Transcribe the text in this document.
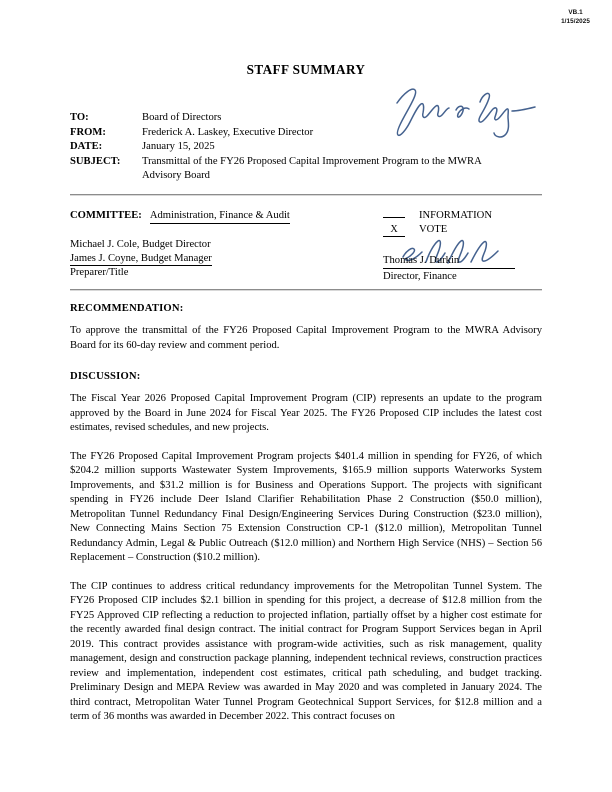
VB.1
1/15/2025
STAFF SUMMARY
TO:	Board of Directors
FROM:	Frederick A. Laskey, Executive Director
DATE:	January 15, 2025
SUBJECT:	Transmittal of the FY26 Proposed Capital Improvement Program to the MWRA
Advisory Board
COMMITTEE: Administration, Finance & Audit
Michael J. Cole, Budget Director
James J. Coyne, Budget Manager
Preparer/Title
INFORMATION
X	VOTE
Thomas J. Durkin
Director, Finance
RECOMMENDATION:

To approve the transmittal of the FY26 Proposed Capital Improvement Program to the MWRA Advisory Board for its 60-day review and comment period.

DISCUSSION:

The Fiscal Year 2026 Proposed Capital Improvement Program (CIP) represents an update to the program approved by the Board in June 2024 for Fiscal Year 2025. The FY26 Proposed CIP includes the latest cost estimates, revised schedules, and new projects.

The FY26 Proposed Capital Improvement Program projects $401.4 million in spending for FY26, of which $204.2 million supports Wastewater System Improvements, $165.9 million supports Waterworks System Improvements, and $31.2 million is for Business and Operations Support. The projects with significant spending in FY26 include Deer Island Clarifier Rehabilitation Phase 2 Construction ($50.0 million), Metropolitan Tunnel Redundancy Final Design/Engineering Services During Construction ($23.0 million), New Connecting Mains Section 75 Extension Construction CP-1 ($12.0 million), Metropolitan Tunnel Redundancy Admin, Legal & Public Outreach ($12.0 million) and Northern High Service (NHS) – Section 56 Replacement – Construction ($10.2 million).

The CIP continues to address critical redundancy improvements for the Metropolitan Tunnel System. The FY26 Proposed CIP includes $2.1 billion in spending for this project, a decrease of $12.8 million from the FY25 Approved CIP reflecting a reduction to projected inflation, partially offset by a higher cost estimate for the recently awarded final design contract. The initial contract for Program Support Services began in April 2019. This contract provides assistance with program-wide activities, such as risk management, quality management, design and construction package planning, independent technical reviews, construction practices review and implementation, independent cost estimates, critical path scheduling, and budget tracking. Preliminary Design and MEPA Review was awarded in May 2020 and was completed in January 2024. The third contract, Metropolitan Water Tunnel Program Geotechnical Support Services, for $12.8 million and a term of 36 months was awarded in December 2022. This contract focuses on
